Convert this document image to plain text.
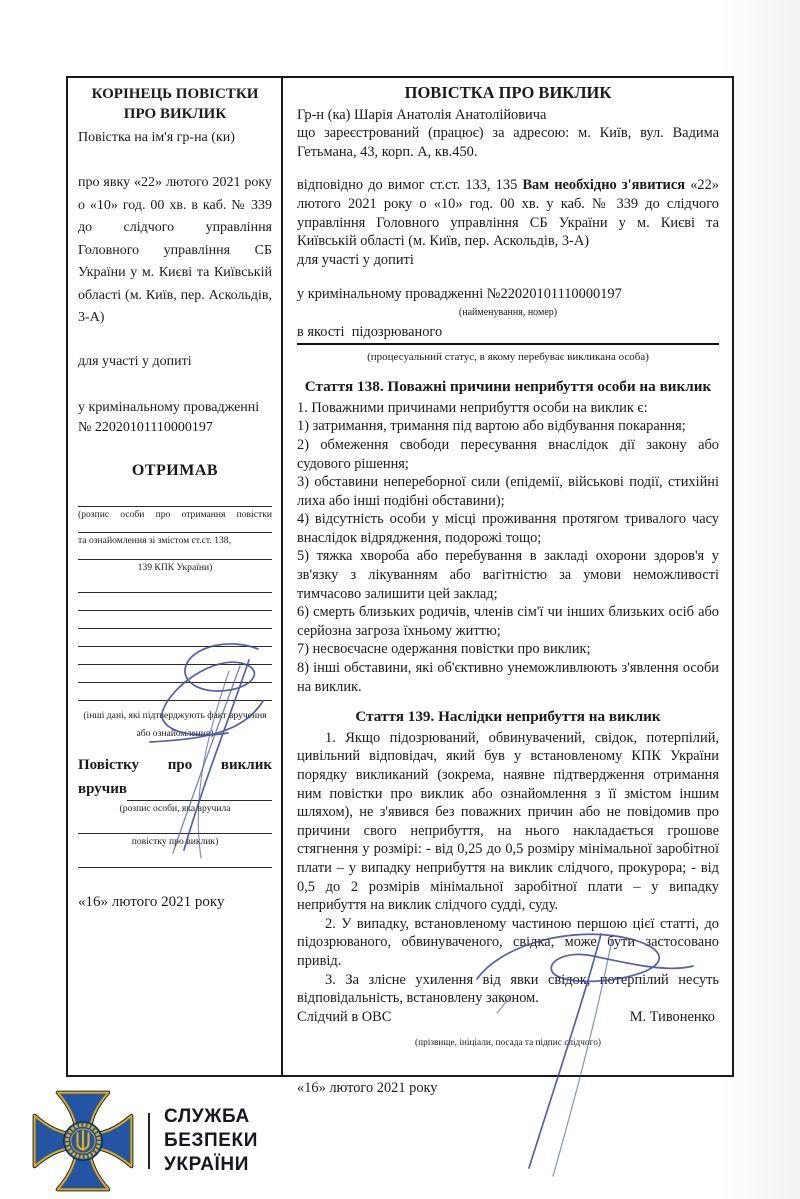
КОРІНЕЦЬ ПОВІСТКИ ПРО ВИКЛИК

Повістка на ім'я гр-на (ки)

про явку «22» лютого 2021 року о «10» год. 00 хв. в каб. № 339 до слідчого управління Головного управління СБ України у м. Києві та Київській області (м. Київ, пер. Аскольдів, 3-А)

для участі у допиті

у кримінальному провадженні № 22020101110000197

ОТРИМАВ

(розпис особи про отримання повістки

та ознайомлення зі змістом ст.ст. 138,

139 КПК України)

(інші дані, які підтверджують факт вручення або ознайомлення)

Повістку про виклик
вручив

(розпис особи, яка вручила

повістку про виклик)

«16» лютого 2021 року

ПОВІСТКА ПРО ВИКЛИК

Гр-н (ка) Шарія Анатолія Анатолійовича

що зареєстрований (працює) за адресою: м. Київ, вул. Вадима Гетьмана, 43, корп. А, кв.450.

відповідно до вимог ст.ст. 133, 135 Вам необхідно з'явитися «22» лютого 2021 року о «10» год. 00 хв. у каб. № 339 до слідчого управління Головного управління СБ України у м. Києві та Київській області (м. Київ, пер. Аскольдів, 3-А)

для участі у допиті

у кримінальному провадженні №22020101110000197

(найменування, номер)

в якості  підозрюваного

(процесуальний статус, в якому перебуває викликана особа)

Стаття 138. Поважні причини неприбуття особи на виклик

1. Поважними причинами неприбуття особи на виклик є:

1) затримання, тримання під вартою або відбування покарання;

2) обмеження свободи пересування внаслідок дії закону або судового рішення;

3) обставини непереборної сили (епідемії, військові події, стихійні лиха або інші подібні обставини);

4) відсутність особи у місці проживання протягом тривалого часу внаслідок відрядження, подорожі тощо;

5) тяжка хвороба або перебування в закладі охорони здоров'я у зв'язку з лікуванням або вагітністю за умови неможливості тимчасово залишити цей заклад;

6) смерть близьких родичів, членів сім'ї чи інших близьких осіб або серйозна загроза їхньому життю;

7) несвоєчасне одержання повістки про виклик;

8) інші обставини, які об'єктивно унеможливлюють з'явлення особи на виклик.

Стаття 139. Наслідки неприбуття на виклик

1. Якщо підозрюваний, обвинувачений, свідок, потерпілий, цивільний відповідач, який був у встановленому КПК України порядку викликаний (зокрема, наявне підтвердження отримання ним повістки про виклик або ознайомлення з її змістом іншим шляхом), не з'явився без поважних причин або не повідомив про причини свого неприбуття, на нього накладається грошове стягнення у розмірі: - від 0,25 до 0,5 розміру мінімальної заробітної плати – у випадку неприбуття на виклик слідчого, прокурора; - від 0,5 до 2 розмірів мінімальної заробітної плати – у випадку неприбуття на виклик слідчого судді, суду.

2. У випадку, встановленому частиною першою цієї статті, до підозрюваного, обвинуваченого, свідка, може бути застосовано привід.

3. За злісне ухилення від явки свідок, потерпілий несуть відповідальність, встановлену законом.

Слідчий в ОВС	М. Тивоненко

(прізвище, ініціали, посада та підпис слідчого)

«16» лютого 2021 року

СЛУЖБА
БЕЗПЕКИ
УКРАЇНИ
